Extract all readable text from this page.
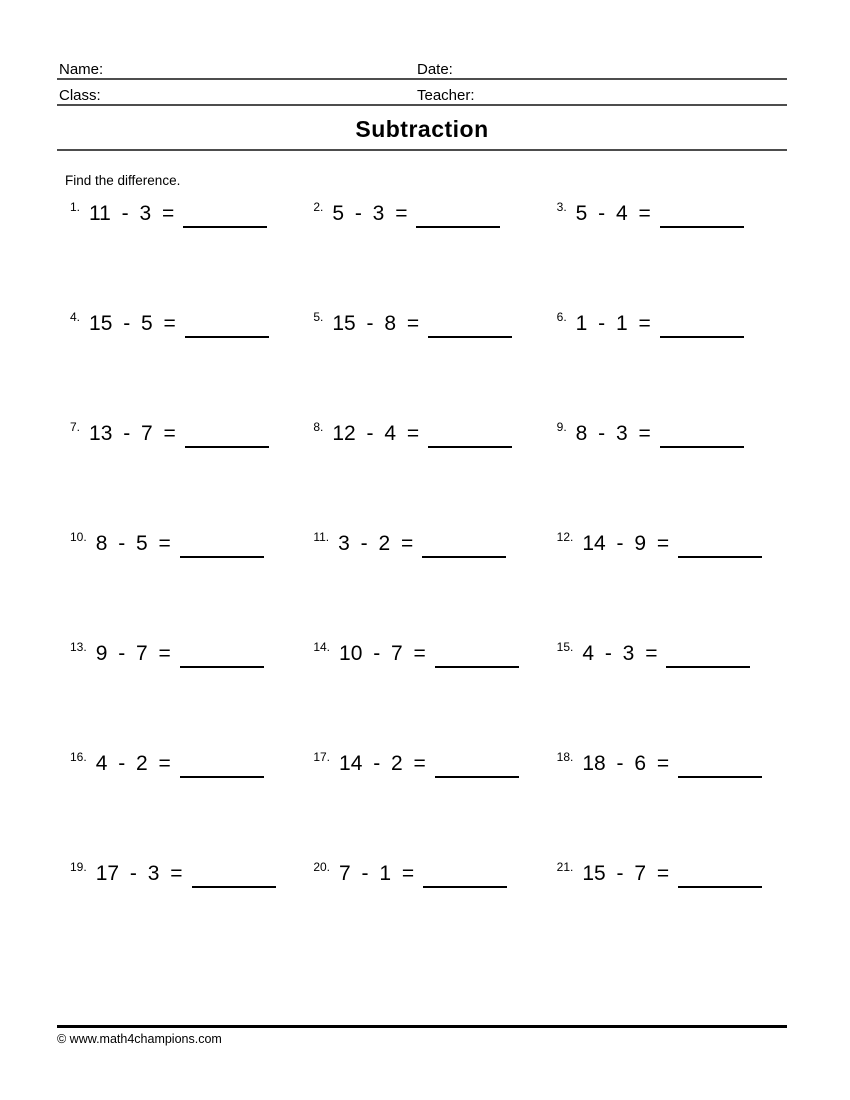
Name:	Date:
Class:	Teacher:
Subtraction
Find the difference.
$^{1.}$ 11 - 3 =	$^{2.}$ 5 - 3 =	$^{3.}$ 5 - 4 =
$^{4.}$ 15 - 5 =	$^{5.}$ 15 - 8 =	$^{6.}$ 1 - 1 =
$^{7.}$ 13 - 7 =	$^{8.}$ 12 - 4 =	$^{9.}$ 8 - 3 =
$^{10.}$ 8 - 5 =	$^{11.}$ 3 - 2 =	$^{12.}$ 14 - 9 =
$^{13.}$ 9 - 7 =	$^{14.}$ 10 - 7 =	$^{15.}$ 4 - 3 =
$^{16.}$ 4 - 2 =	$^{17.}$ 14 - 2 =	$^{18.}$ 18 - 6 =
$^{19.}$ 17 - 3 =	$^{20.}$ 7 - 1 =	$^{21.}$ 15 - 7 =
© www.math4champions.com
